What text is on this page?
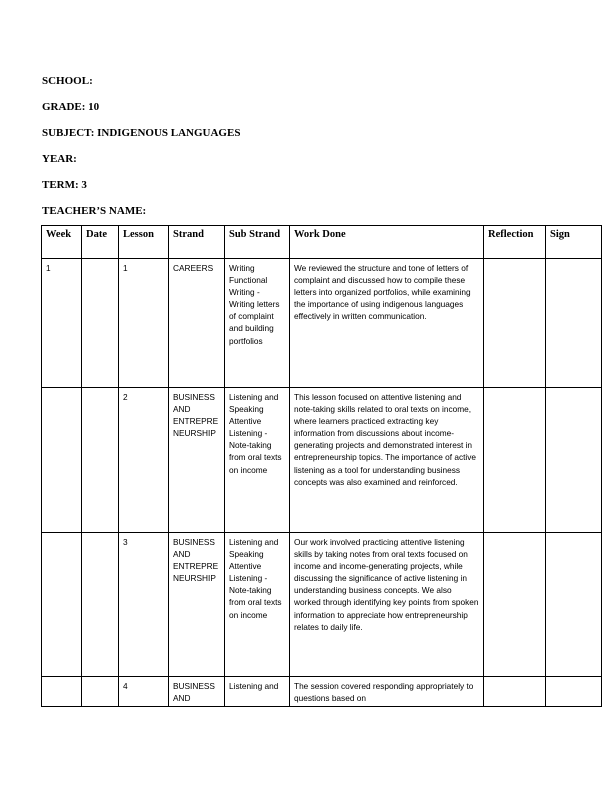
SCHOOL:
GRADE: 10
SUBJECT: INDIGENOUS LANGUAGES
YEAR:
TERM: 3
TEACHER’S NAME:
Week	Date	Lesson	Strand	Sub Strand	Work Done	Reflection	Sign
1		1	CAREERS	Writing Functional Writing - Writing letters of complaint and building portfolios	We reviewed the structure and tone of letters of complaint and discussed how to compile these letters into organized portfolios, while examining the importance of using indigenous languages effectively in written communication.		
		2	BUSINESS AND ENTREPRE NEURSHIP	Listening and Speaking Attentive Listening - Note-taking from oral texts on income	This lesson focused on attentive listening and note-taking skills related to oral texts on income, where learners practiced extracting key information from discussions about income-generating projects and demonstrated interest in entrepreneurship topics. The importance of active listening as a tool for understanding business concepts was also examined and reinforced.		
		3	BUSINESS AND ENTREPRE NEURSHIP	Listening and Speaking Attentive Listening - Note-taking from oral texts on income	Our work involved practicing attentive listening skills by taking notes from oral texts focused on income and income-generating projects, while discussing the significance of active listening in understanding business concepts. We also worked through identifying key points from spoken information to appreciate how entrepreneurship relates to daily life.		
		4	BUSINESS AND	Listening and	The session covered responding appropriately to questions based on		
